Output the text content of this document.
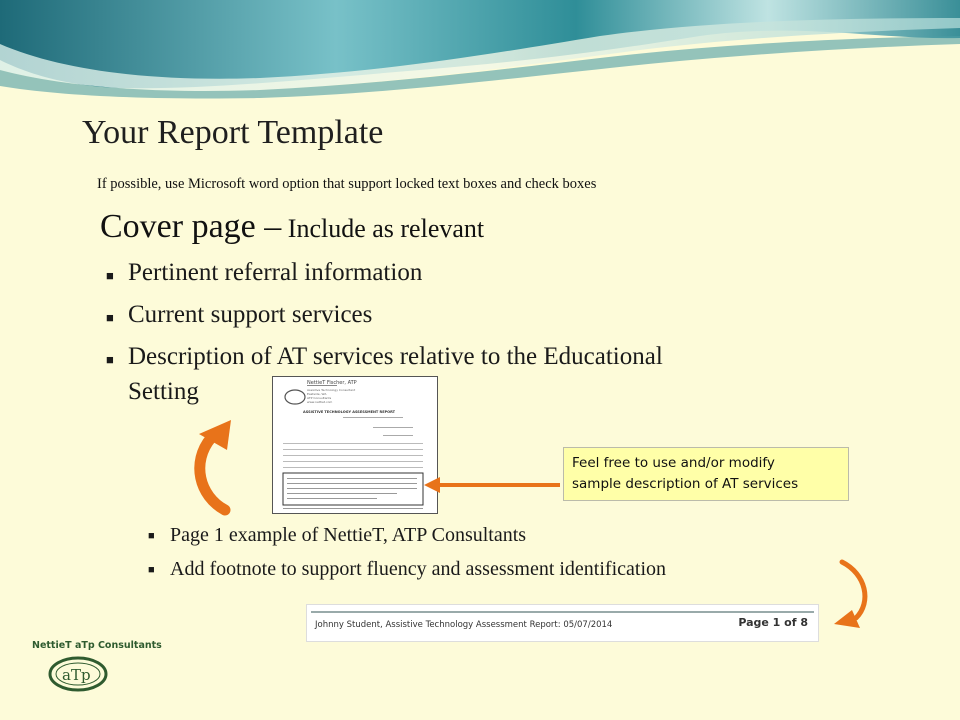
Your Report Template
If possible, use Microsoft word option that support locked text boxes and check boxes
Cover page – Include as relevant
■ Pertinent referral information
■ Current support services
■ Description of AT services relative to the Educational
Setting	NettieT Fischer, ATP
Assistive Technology Consultant
Eastside, WA
ATP Consultants
www.nettiet.com
ASSISTIVE TECHNOLOGY ASSESSMENT REPORT
Feel free to use and/or modify
sample description of AT services
■ Page 1 example of NettieT, ATP Consultants
■ Add footnote to support fluency and assessment identification
Johnny Student, Assistive Technology Assessment Report: 05/07/2014	Page 1 of 8
NettieT aTp Consultants
aTp
